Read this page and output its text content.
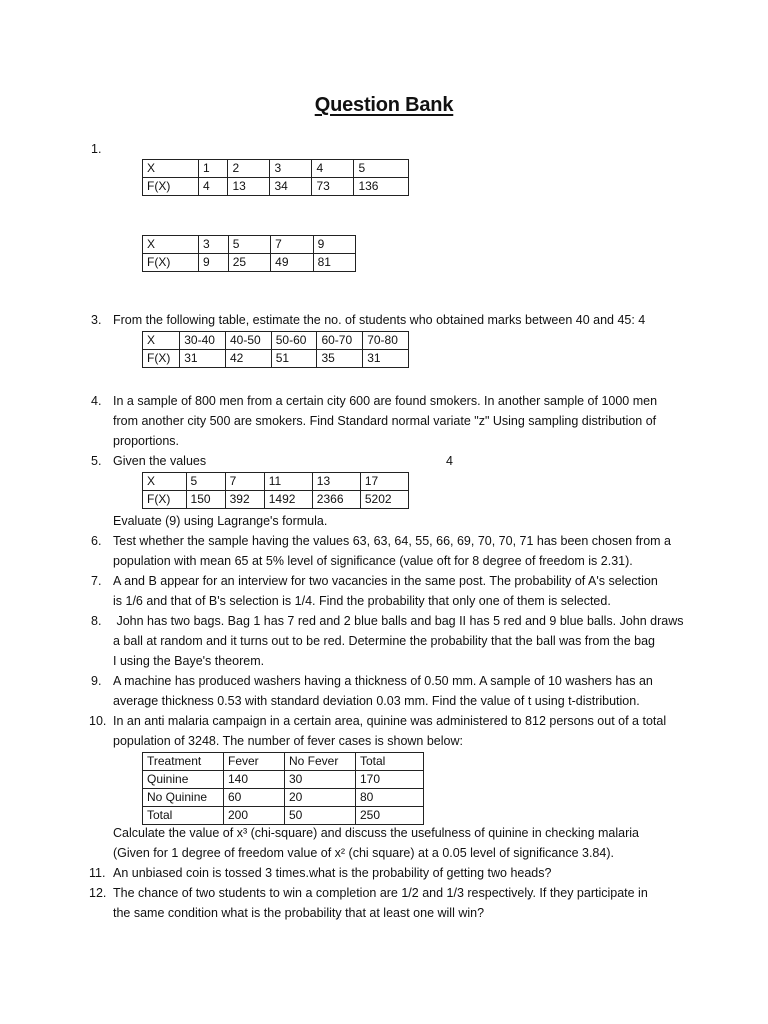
Question Bank
1.
X	1	2	3	4	5
F(X)	4	13	34	73	136
X	3	5	7	9
F(X)	9	25	49	81
3. From the following table, estimate the no. of students who obtained marks between 40 and 45: 4
X	30-40	40-50	50-60	60-70	70-80
F(X)	31	42	51	35	31
4. In a sample of 800 men from a certain city 600 are found smokers. In another sample of 1000 men
from another city 500 are smokers. Find Standard normal variate "z" Using sampling distribution of
proportions.
5. Given the values	4
X	5	7	11	13	17
F(X)	150	392	1492	2366	5202
Evaluate (9) using Lagrange's formula.
6. Test whether the sample having the values 63, 63, 64, 55, 66, 69, 70, 70, 71 has been chosen from a
population with mean 65 at 5% level of significance (value oft for 8 degree of freedom is 2.31).
7. A and B appear for an interview for two vacancies in the same post. The probability of A's selection
is 1/6 and that of B's selection is 1/4. Find the probability that only one of them is selected.
8. John has two bags. Bag 1 has 7 red and 2 blue balls and bag II has 5 red and 9 blue balls. John draws
a ball at random and it turns out to be red. Determine the probability that the ball was from the bag
I using the Baye's theorem.
9. A machine has produced washers having a thickness of 0.50 mm. A sample of 10 washers has an
average thickness 0.53 with standard deviation 0.03 mm. Find the value of t using t-distribution.
10. In an anti malaria campaign in a certain area, quinine was administered to 812 persons out of a total
population of 3248. The number of fever cases is shown below:
Treatment	Fever	No Fever	Total
Quinine	140	30	170
No Quinine	60	20	80
Total	200	50	250
Calculate the value of x³ (chi-square) and discuss the usefulness of quinine in checking malaria
(Given for 1 degree of freedom value of x² (chi square) at a 0.05 level of significance 3.84).
11. An unbiased coin is tossed 3 times.what is the probability of getting two heads?
12. The chance of two students to win a completion are 1/2 and 1/3 respectively. If they participate in
the same condition what is the probability that at least one will win?
